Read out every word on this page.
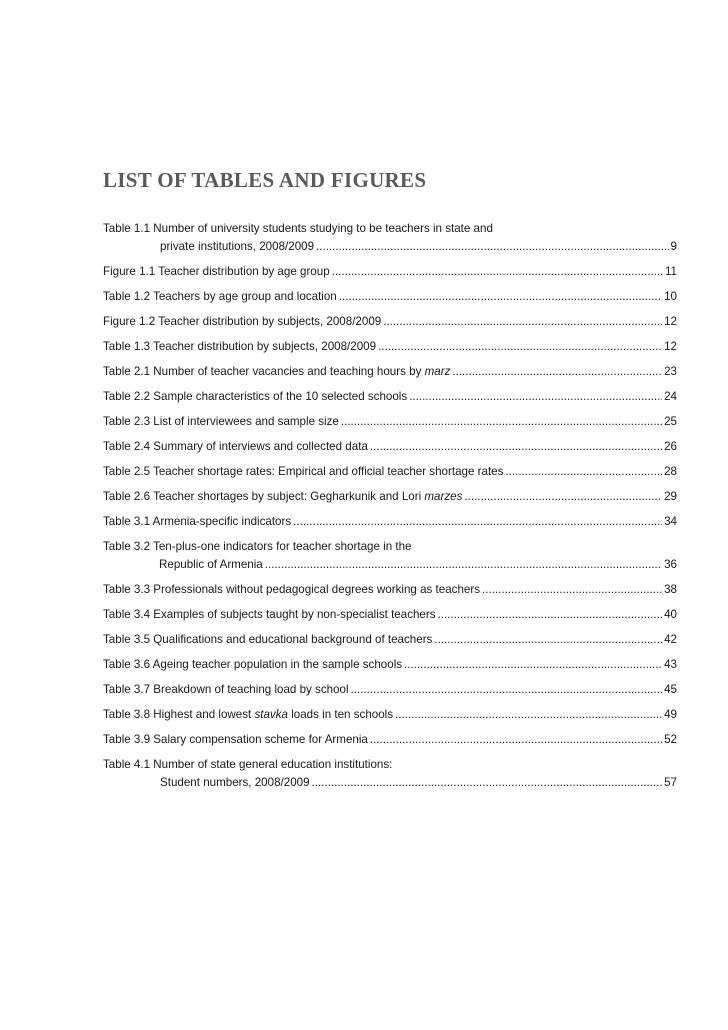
LIST OF TABLES AND FIGURES
Table 1.1 Number of university students studying to be teachers in state and
private institutions, 2008/2009 .....	9
Figure 1.1 Teacher distribution by age group .....	11
Table 1.2 Teachers by age group and location .....	10
Figure 1.2 Teacher distribution by subjects, 2008/2009 .....	12
Table 1.3 Teacher distribution by subjects, 2008/2009 .....	12
Table 2.1 Number of teacher vacancies and teaching hours by marz .....	23
Table 2.2 Sample characteristics of the 10 selected schools .....	24
Table 2.3 List of interviewees and sample size .....	25
Table 2.4 Summary of interviews and collected data .....	26
Table 2.5 Teacher shortage rates: Empirical and official teacher shortage rates .....	28
Table 2.6 Teacher shortages by subject: Gegharkunik and Lori marzes .....	29
Table 3.1 Armenia-specific indicators .....	34
Table 3.2 Ten-plus-one indicators for teacher shortage in the
Republic of Armenia .....	36
Table 3.3 Professionals without pedagogical degrees working as teachers .....	38
Table 3.4 Examples of subjects taught by non-specialist teachers .....	40
Table 3.5 Qualifications and educational background of teachers .....	42
Table 3.6 Ageing teacher population in the sample schools .....	43
Table 3.7 Breakdown of teaching load by school .....	45
Table 3.8 Highest and lowest stavka loads in ten schools .....	49
Table 3.9 Salary compensation scheme for Armenia .....	52
Table 4.1 Number of state general education institutions:
Student numbers, 2008/2009 .....	57
